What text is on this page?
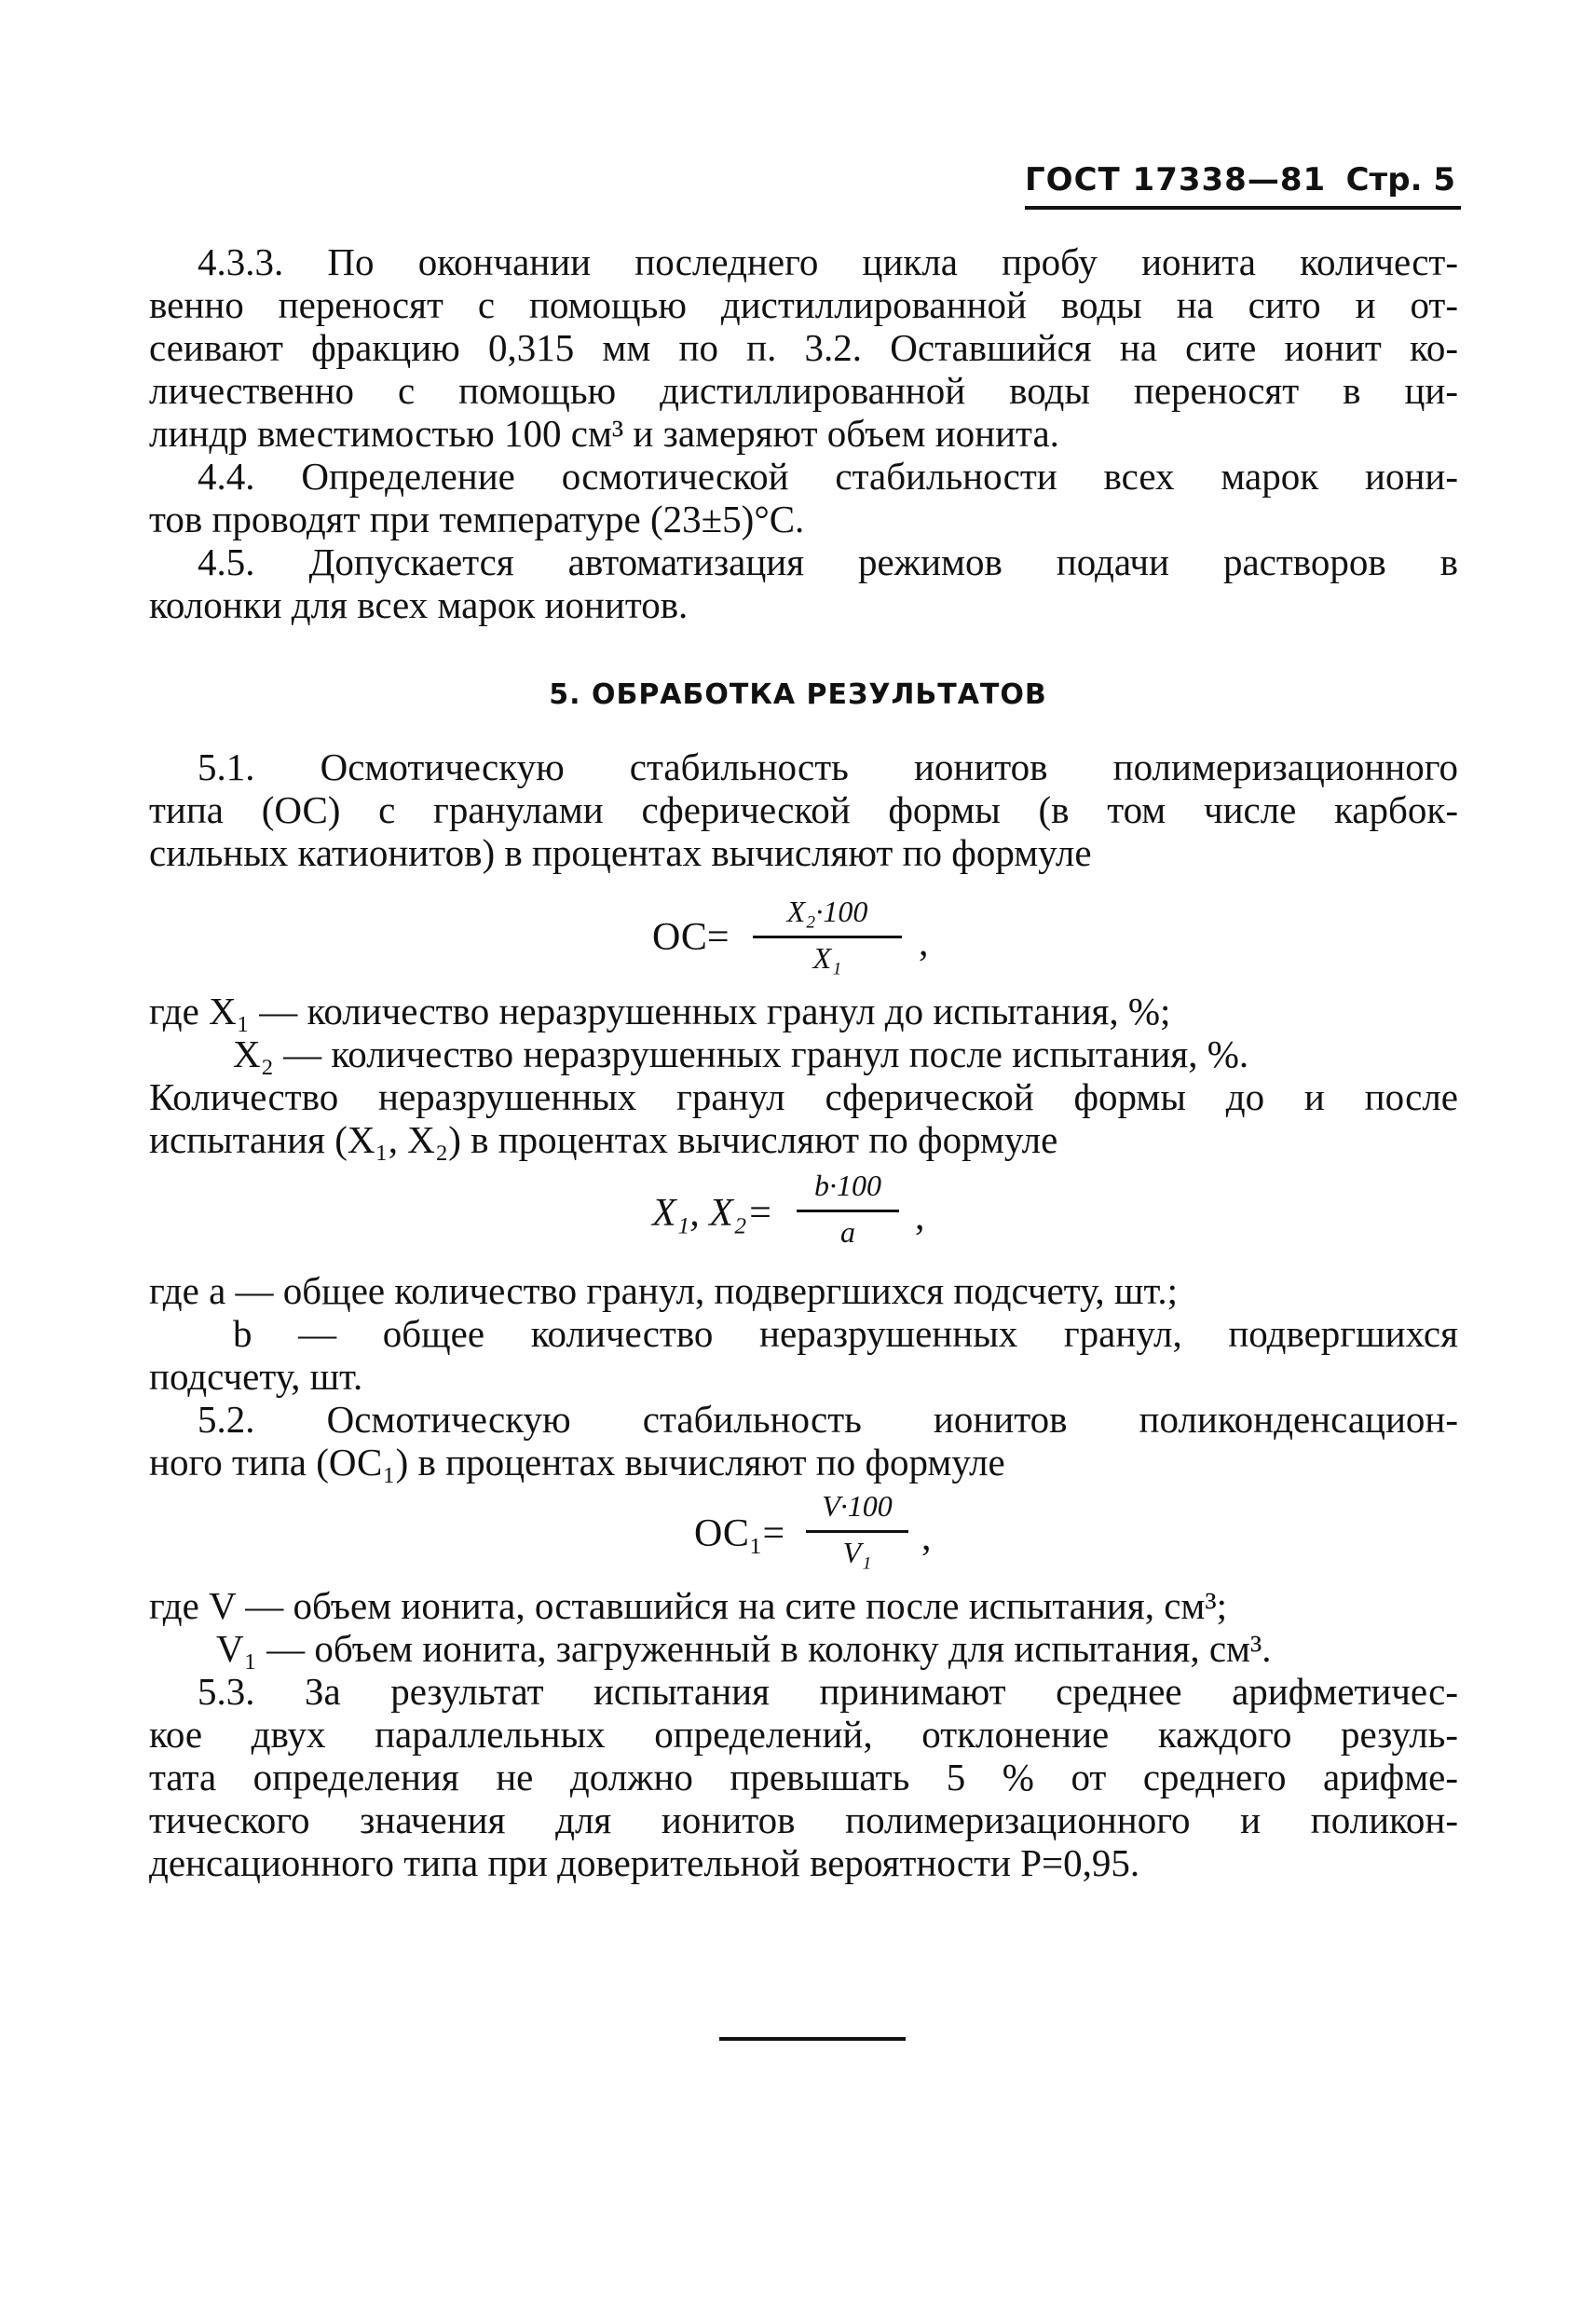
ГОСТ 17338—81 Стр. 5
4.3.3. По окончании последнего цикла пробу ионита количест-
венно переносят с помощью дистиллированной воды на сито и от-
сеивают фракцию 0,315 мм по п. 3.2. Оставшийся на сите ионит ко-
личественно с помощью дистиллированной воды переносят в ци-
линдр вместимостью 100 см³ и замеряют объем ионита.
4.4. Определение осмотической стабильности всех марок иони-
тов проводят при температуре (23±5)°С.
4.5. Допускается автоматизация режимов подачи растворов в
колонки для всех марок ионитов.
5. ОБРАБОТКА РЕЗУЛЬТАТОВ
5.1. Осмотическую стабильность ионитов полимеризационного
типа (ОС) с гранулами сферической формы (в том числе карбок-
сильных катионитов) в процентах вычисляют по формуле
ОС=
X₂·100
X₁	,
где X₁ — количество неразрушенных гранул до испытания, %;
X₂ — количество неразрушенных гранул после испытания, %.
Количество неразрушенных гранул сферической формы до и после
испытания (X₁, X₂) в процентах вычисляют по формуле
X₁, X₂=
b·100
a	,
где a — общее количество гранул, подвергшихся подсчету, шт.;
b — общее количество неразрушенных гранул, подвергшихся
подсчету, шт.
5.2. Осмотическую стабильность ионитов поликонденсацион-
ного типа (ОС₁) в процентах вычисляют по формуле
ОС₁=
V·100
V₁	,
где V — объем ионита, оставшийся на сите после испытания, см³;
V₁ — объем ионита, загруженный в колонку для испытания, см³.
5.3. За результат испытания принимают среднее арифметичес-
кое двух параллельных определений, отклонение каждого резуль-
тата определения не должно превышать 5 % от среднего арифме-
тического значения для ионитов полимеризационного и поликон-
денсационного типа при доверительной вероятности P=0,95.
